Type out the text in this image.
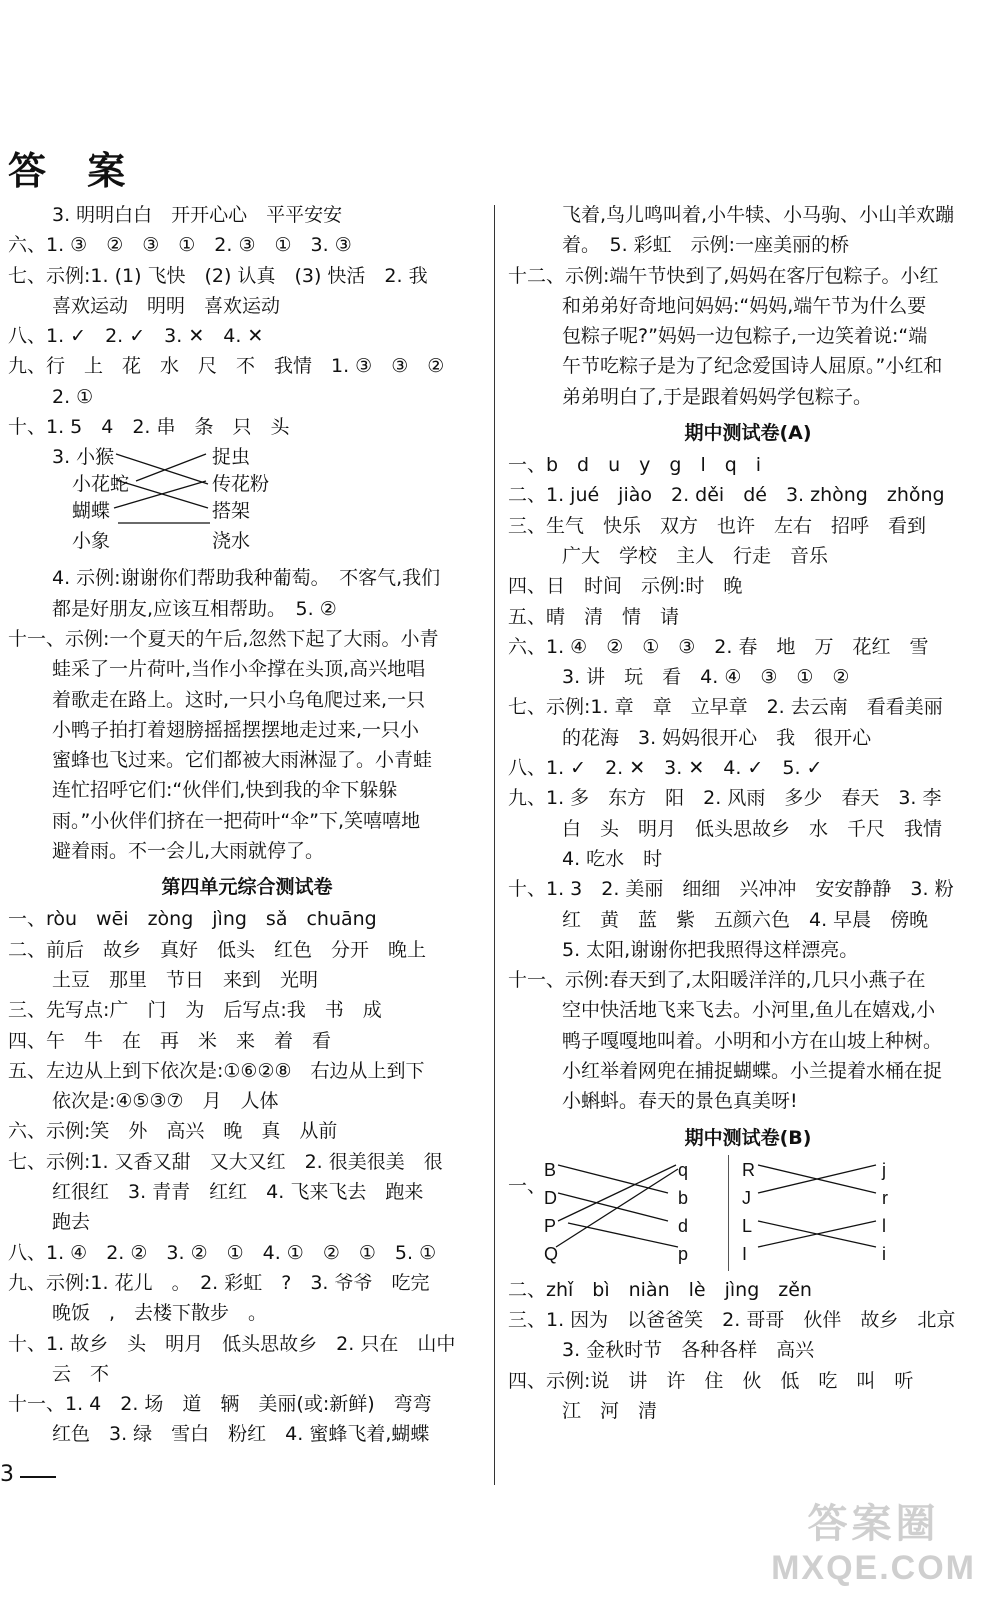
答 案
3. 明明白白　开开心心　平平安安
六、1. ③　②　③　①　2. ③　①　3. ③
七、示例:1. (1) 飞快　(2) 认真　(3) 快活　2. 我
喜欢运动　明明　喜欢运动
八、1. ✓　2. ✓　3. ✕　4. ✕
九、行　上　花　水　尺　不　我情　1. ③　③　②
2. ①
十、1. 5　4　2. 串　条　只　头
3. 小猴
小花蛇
蝴蝶
小象
捉虫
传花粉
搭架
浇水
4. 示例:谢谢你们帮助我种葡萄。　不客气,我们
都是好朋友,应该互相帮助。　5. ②
十一、示例:一个夏天的午后,忽然下起了大雨。小青
蛙采了一片荷叶,当作小伞撑在头顶,高兴地唱
着歌走在路上。这时,一只小乌龟爬过来,一只
小鸭子拍打着翅膀摇摇摆摆地走过来,一只小
蜜蜂也飞过来。它们都被大雨淋湿了。小青蛙
连忙招呼它们:“伙伴们,快到我的伞下躲躲
雨。”小伙伴们挤在一把荷叶“伞”下,笑嘻嘻地
避着雨。不一会儿,大雨就停了。
第四单元综合测试卷
一、ròu　wēi　zòng　jìng　sǎ　chuāng
二、前后　故乡　真好　低头　红色　分开　晚上
土豆　那里　节日　来到　光明
三、先写点:广　门　为　后写点:我　书　成
四、午　牛　在　再　米　来　着　看
五、左边从上到下依次是:①⑥②⑧　右边从上到下
依次是:④⑤③⑦　月　人体
六、示例:笑　外　高兴　晚　真　从前
七、示例:1. 又香又甜　又大又红　2. 很美很美　很
红很红　3. 青青　红红　4. 飞来飞去　跑来
跑去
八、1. ④　2. ②　3. ②　①　4. ①　②　①　5. ①
九、示例:1. 花儿　。　2. 彩虹　?　3. 爷爷　吃完
晚饭　,　去楼下散步　。
十、1. 故乡　头　明月　低头思故乡　2. 只在　山中
云　不
十一、1. 4　2. 场　道　辆　美丽(或:新鲜)　弯弯
红色　3. 绿　雪白　粉红　4. 蜜蜂飞着,蝴蝶
飞着,鸟儿鸣叫着,小牛犊、小马驹、小山羊欢蹦
着。　5. 彩虹　示例:一座美丽的桥
十二、示例:端午节快到了,妈妈在客厅包粽子。小红
和弟弟好奇地问妈妈:“妈妈,端午节为什么要
包粽子呢?”妈妈一边包粽子,一边笑着说:“端
午节吃粽子是为了纪念爱国诗人屈原。”小红和
弟弟明白了,于是跟着妈妈学包粽子。
期中测试卷(A)
一、b　d　u　y　g　l　q　i
二、1. jué　jiào　2. děi　dé　3. zhòng　zhǒng
三、生气　快乐　双方　也许　左右　招呼　看到
广大　学校　主人　行走　音乐
四、日　时间　示例:时　晚
五、晴　清　情　请
六、1. ④　②　①　③　2. 春　地　万　花红　雪
3. 讲　玩　看　4. ④　③　①　②
七、示例:1. 章　章　立早章　2. 去云南　看看美丽
的花海　3. 妈妈很开心　我　很开心
八、1. ✓　2. ✕　3. ✕　4. ✓　5. ✓
九、1. 多　东方　阳　2. 风雨　多少　春天　3. 李
白　头　明月　低头思故乡　水　千尺　我情
4. 吃水　时
十、1. 3　2. 美丽　细细　兴冲冲　安安静静　3. 粉
红　黄　蓝　紫　五颜六色　4. 早晨　傍晚
5. 太阳,谢谢你把我照得这样漂亮。
十一、示例:春天到了,太阳暖洋洋的,几只小燕子在
空中快活地飞来飞去。小河里,鱼儿在嬉戏,小
鸭子嘎嘎地叫着。小明和小方在山坡上种树。
小红举着网兜在捕捉蝴蝶。小兰提着水桶在捉
小蝌蚪。春天的景色真美呀!
期中测试卷(B)
一、
B
D
P
Q
q
b
d
p
R
J
L
I
j
r
l
i
二、zhǐ　bì　niàn　lè　jìng　zěn
三、1. 因为　以爸爸笑　2. 哥哥　伙伴　故乡　北京
3. 金秋时节　各种各样　高兴
四、示例:说　讲　许　住　伙　低　吃　叫　听
江　河　清
3
答案圈
MXQE.COM
